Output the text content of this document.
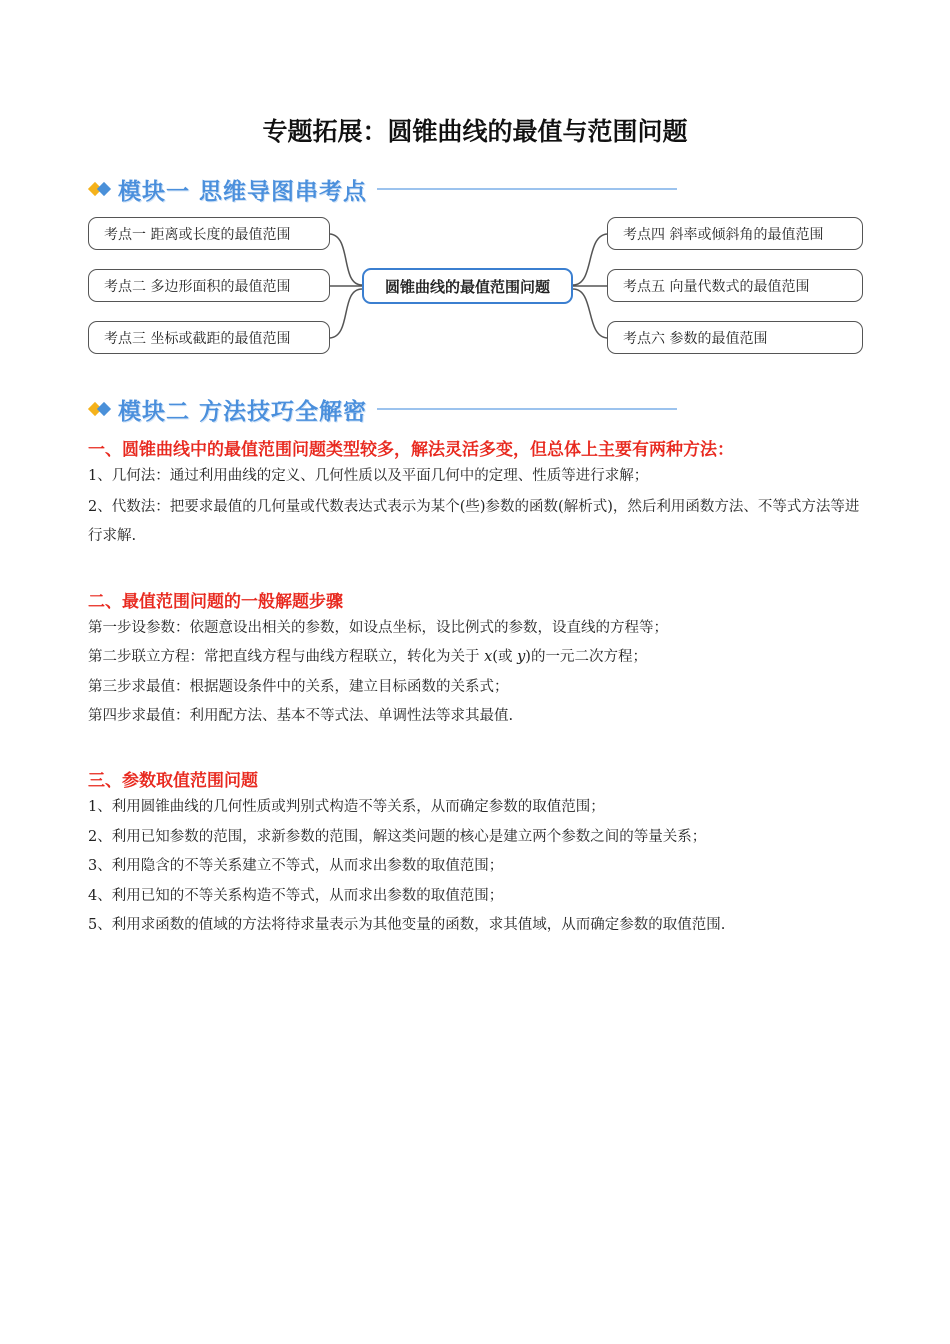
专题拓展：圆锥曲线的最值与范围问题
模块一 思维导图串考点
考点一 距离或长度的最值范围
考点二 多边形面积的最值范围
考点三 坐标或截距的最值范围
圆锥曲线的最值范围问题
考点四 斜率或倾斜角的最值范围
考点五 向量代数式的最值范围
考点六 参数的最值范围
模块二 方法技巧全解密
一、圆锥曲线中的最值范围问题类型较多，解法灵活多变，但总体上主要有两种方法：
1、几何法：通过利用曲线的定义、几何性质以及平面几何中的定理、性质等进行求解；
2、代数法：把要求最值的几何量或代数表达式表示为某个(些)参数的函数(解析式)，然后利用函数方法、不等式方法等进行求解.
二、最值范围问题的一般解题步骤
第一步设参数：依题意设出相关的参数，如设点坐标，设比例式的参数，设直线的方程等；
第二步联立方程：常把直线方程与曲线方程联立，转化为关于 x(或 y)的一元二次方程；
第三步求最值：根据题设条件中的关系，建立目标函数的关系式；
第四步求最值：利用配方法、基本不等式法、单调性法等求其最值.
三、参数取值范围问题
1、利用圆锥曲线的几何性质或判别式构造不等关系，从而确定参数的取值范围；
2、利用已知参数的范围，求新参数的范围，解这类问题的核心是建立两个参数之间的等量关系；
3、利用隐含的不等关系建立不等式，从而求出参数的取值范围；
4、利用已知的不等关系构造不等式，从而求出参数的取值范围；
5、利用求函数的值域的方法将待求量表示为其他变量的函数，求其值域，从而确定参数的取值范围.
